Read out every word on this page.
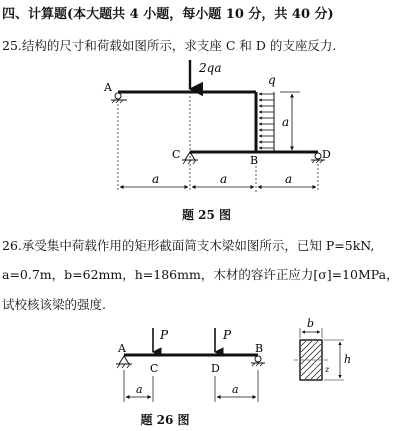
四、计算题(本大题共 4 小题，每小题 10 分，共 40 分)
25.结构的尺寸和荷载如图所示，求支座 C 和 D 的支座反力.
2qa
q
a
A
C	B	D
a	a	a
P	P
A
C	D
B
a	a
b
h
z
题 25 图
26.承受集中荷载作用的矩形截面简支木梁如图所示，已知 P=5kN,
a=0.7m，b=62mm，h=186mm，木材的容许正应力[σ]=10MPa，
试校核该梁的强度.
题 26 图
